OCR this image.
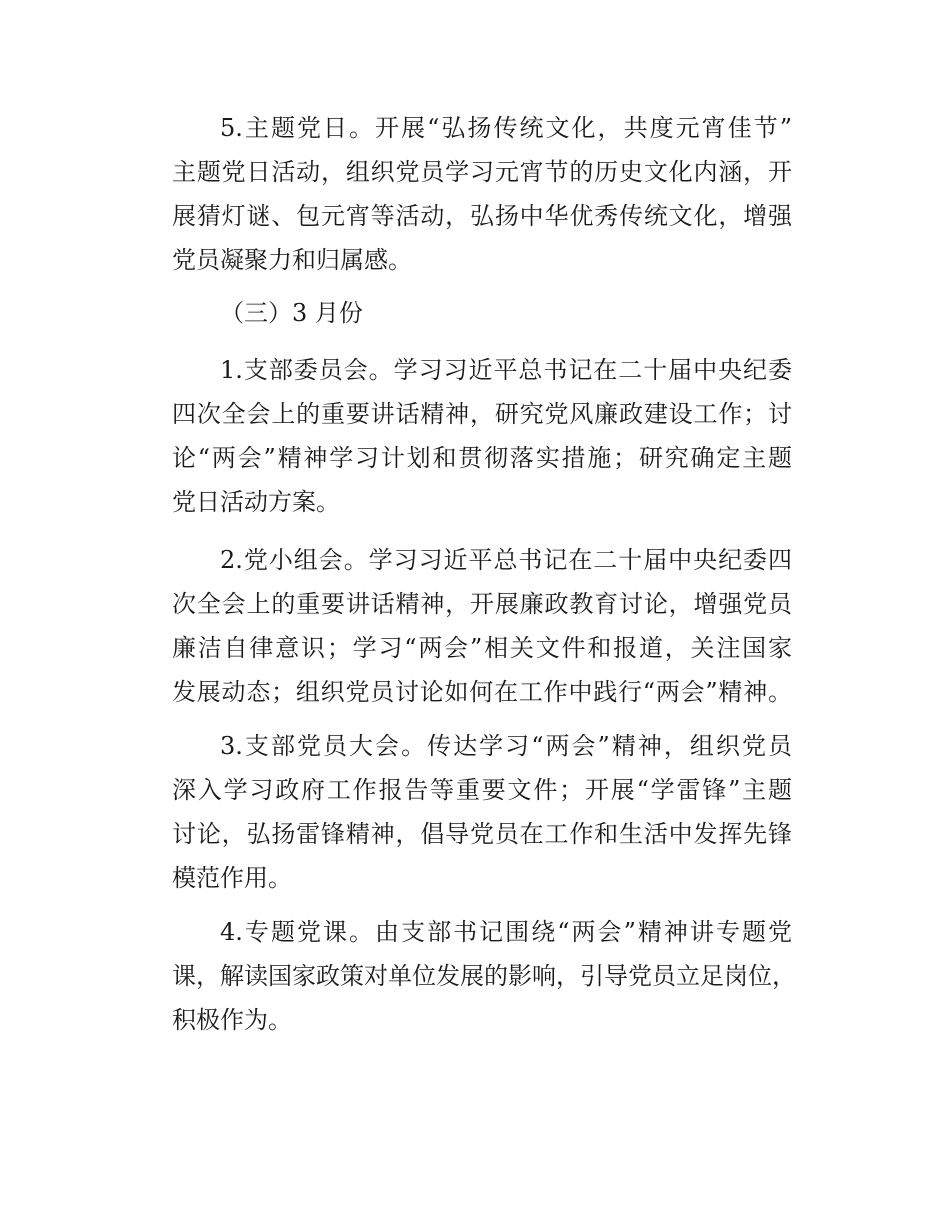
5.主题党日。开展“弘扬传统文化，共度元宵佳节”

主题党日活动，组织党员学习元宵节的历史文化内涵，开

展猜灯谜、包元宵等活动，弘扬中华优秀传统文化，增强

党员凝聚力和归属感。

（三）3 月份

1.支部委员会。学习习近平总书记在二十届中央纪委

四次全会上的重要讲话精神，研究党风廉政建设工作；讨

论“两会”精神学习计划和贯彻落实措施；研究确定主题

党日活动方案。

2.党小组会。学习习近平总书记在二十届中央纪委四

次全会上的重要讲话精神，开展廉政教育讨论，增强党员

廉洁自律意识；学习“两会”相关文件和报道，关注国家

发展动态；组织党员讨论如何在工作中践行“两会”精神。

3.支部党员大会。传达学习“两会”精神，组织党员

深入学习政府工作报告等重要文件；开展“学雷锋”主题

讨论，弘扬雷锋精神，倡导党员在工作和生活中发挥先锋

模范作用。

4.专题党课。由支部书记围绕“两会”精神讲专题党

课，解读国家政策对单位发展的影响，引导党员立足岗位，

积极作为。
